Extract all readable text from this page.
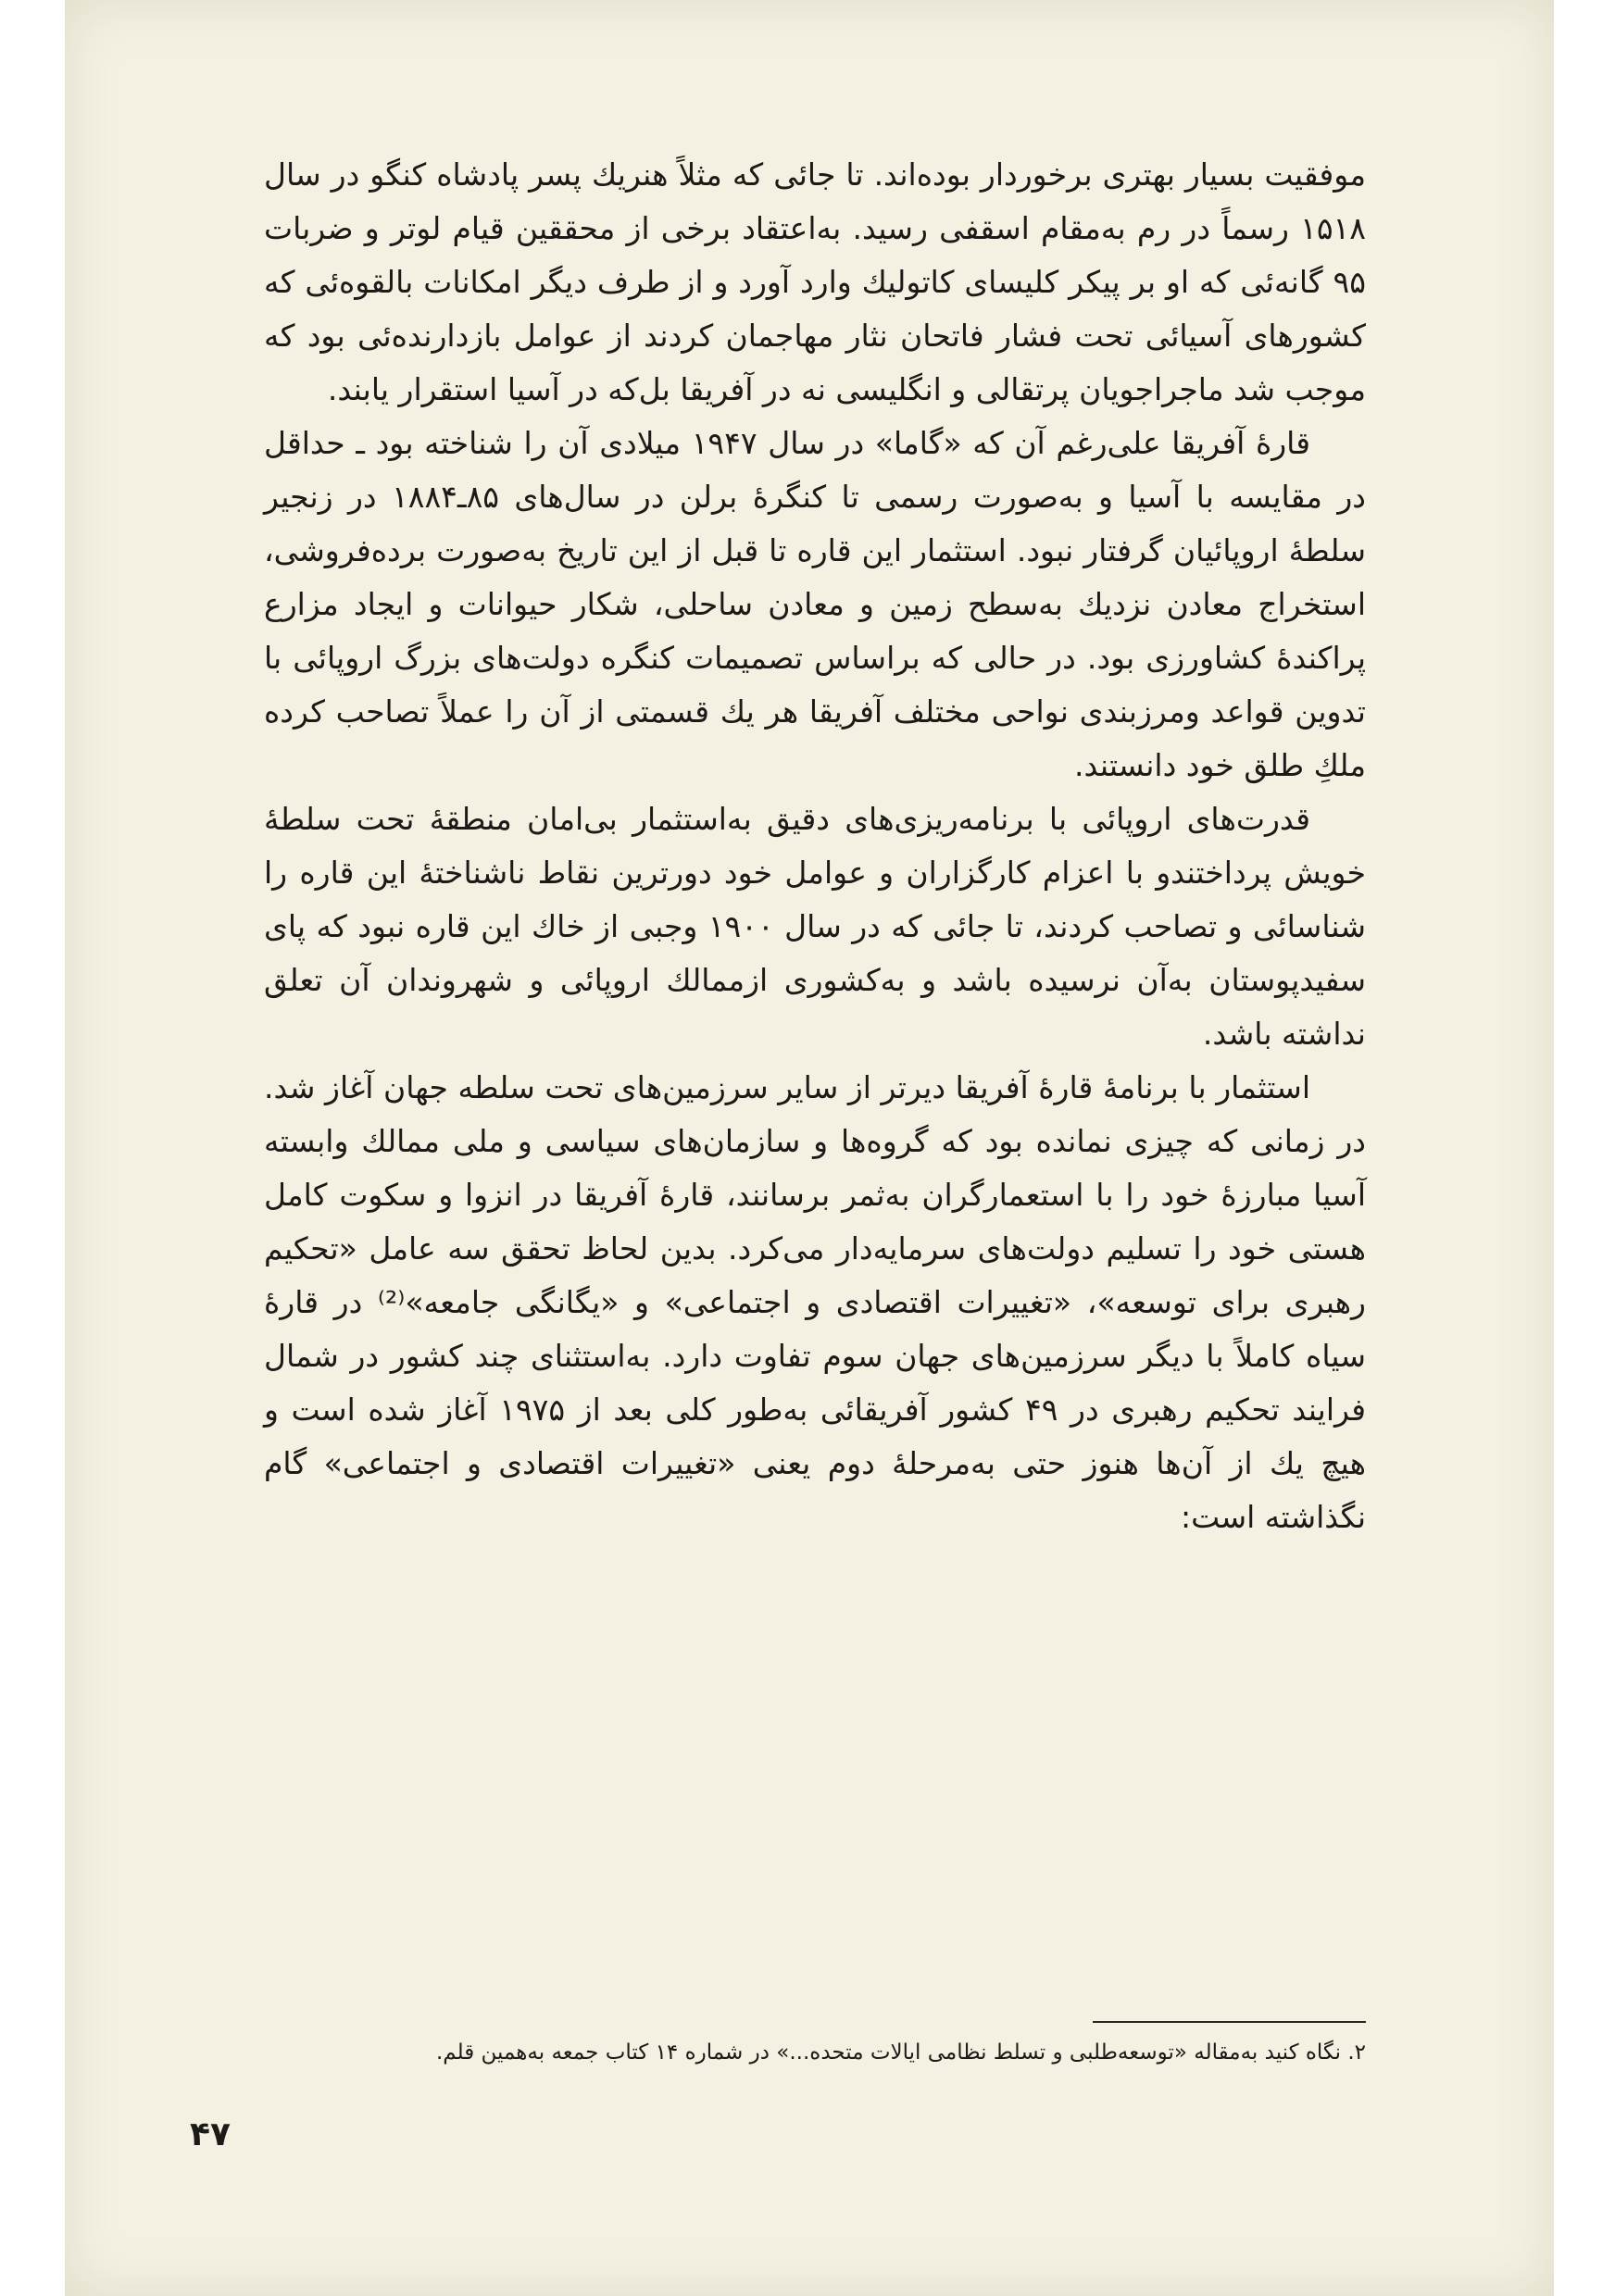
موفقیت بسیار بهتری برخوردار بوده‌اند. تا جائی که مثلاً هنریك پسر پادشاه کنگو در سال ۱۵۱۸ رسماً در رم به‌مقام اسقفی رسید. به‌اعتقاد برخی از محققین قیام لوتر و ضربات ۹۵ گانه‌ئی که او بر پیکر کلیسای کاتولیك وارد آورد و از طرف دیگر امکانات بالقوه‌ئی که کشورهای آسیائی تحت فشار فاتحان نثار مهاجمان کردند از عوامل بازدارنده‌ئی بود که موجب شد ماجراجویان پرتقالی و انگلیسی نه در آفریقا بل‌که در آسیا استقرار یابند.

قارهٔ آفریقا علی‌رغم آن که «گاما» در سال ۱۹۴۷ میلادی آن را شناخته بود ـ حداقل در مقایسه با آسیا و به‌صورت رسمی تا کنگرهٔ برلن در سال‌های ۸۵ـ۱۸۸۴ در زنجیر سلطهٔ اروپائیان گرفتار نبود. استثمار این قاره تا قبل از این تاریخ به‌صورت برده‌فروشی، استخراج معادن نزدیك به‌سطح زمین و معادن ساحلی، شکار حیوانات و ایجاد مزارع پراکندهٔ کشاورزی بود. در حالی که براساس تصمیمات کنگره دولت‌های بزرگ اروپائی با تدوین قواعد ومرزبندی نواحی مختلف آفریقا هر یك قسمتی از آن را عملاً تصاحب کرده ملكِ طلق خود دانستند.

قدرت‌های اروپائی با برنامه‌ریزی‌های دقیق به‌استثمار بی‌امان منطقهٔ تحت سلطهٔ خویش پرداختندو با اعزام کارگزاران و عوامل خود دورترین نقاط ناشناختهٔ این قاره را شناسائی و تصاحب کردند، تا جائی که در سال ۱۹۰۰ وجبی از خاك این قاره نبود که پای سفیدپوستان به‌آن نرسیده باشد و به‌کشوری ازممالك اروپائی و شهروندان آن تعلق نداشته باشد.

استثمار با برنامهٔ قارهٔ آفریقا دیرتر از سایر سرزمین‌های تحت سلطه جهان آغاز شد. در زمانی که چیزی نمانده بود که گروه‌ها و سازمان‌های سیاسی و ملی ممالك وابسته آسیا مبارزهٔ خود را با استعمارگران به‌ثمر برسانند، قارهٔ آفریقا در انزوا و سکوت کامل هستی خود را تسلیم دولت‌های سرمایه‌دار می‌کرد. بدین لحاظ تحقق سه عامل «تحکیم رهبری برای توسعه»، «تغییرات اقتصادی و اجتماعی» و «یگانگی جامعه»⁽²⁾ در قارهٔ سیاه کاملاً با دیگر سرزمین‌های جهان سوم تفاوت دارد. به‌استثنای چند کشور در شمال فرایند تحکیم رهبری در ۴۹ کشور آفریقائی به‌طور کلی بعد از ۱۹۷۵ آغاز شده است و هیچ یك از آن‌ها هنوز حتی به‌مرحلهٔ دوم یعنی «تغییرات اقتصادی و اجتماعی» گام نگذاشته است:

۲. نگاه کنید به‌مقاله «توسعه‌طلبی و تسلط نظامی ایالات متحده...» در شماره ۱۴ کتاب جمعه به‌همین قلم.
۴۷
